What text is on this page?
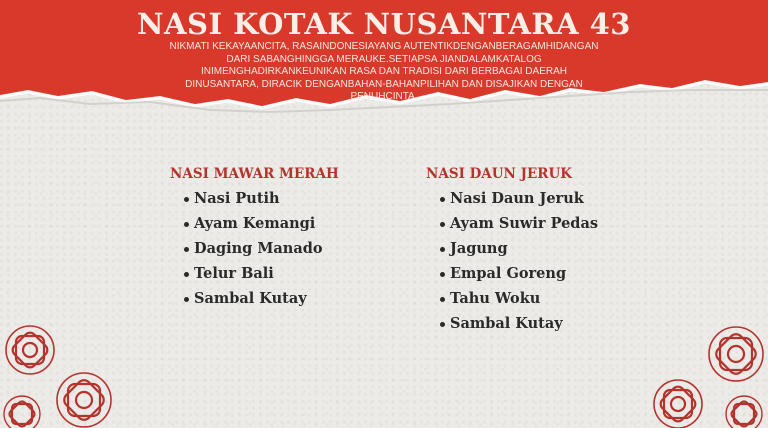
NASI KOTAK NUSANTARA 43
NIKMATI KEKAYAANCITA, RASAINDONESIAYANG AUTENTIKDENGANBERAGAMHIDANGAN DARI SABANGHINGGA MERAUKE.SETIAPSA JIANDALAMKATALOG INIMENGHADIRKANKEUNIKAN RASA DAN TRADISI DARI BERBAGAI DAERAH DINUSANTARA, DIRACIK DENGANBAHAN-BAHANPILIHAN DAN DISAJIKAN DENGAN PENUHCINTA.
NASI MAWAR MERAH
Nasi Putih
Ayam Kemangi
Daging Manado
Telur Bali
Sambal Kutay
NASI DAUN JERUK
Nasi Daun Jeruk
Ayam Suwir Pedas
Jagung
Empal Goreng
Tahu Woku
Sambal Kutay
